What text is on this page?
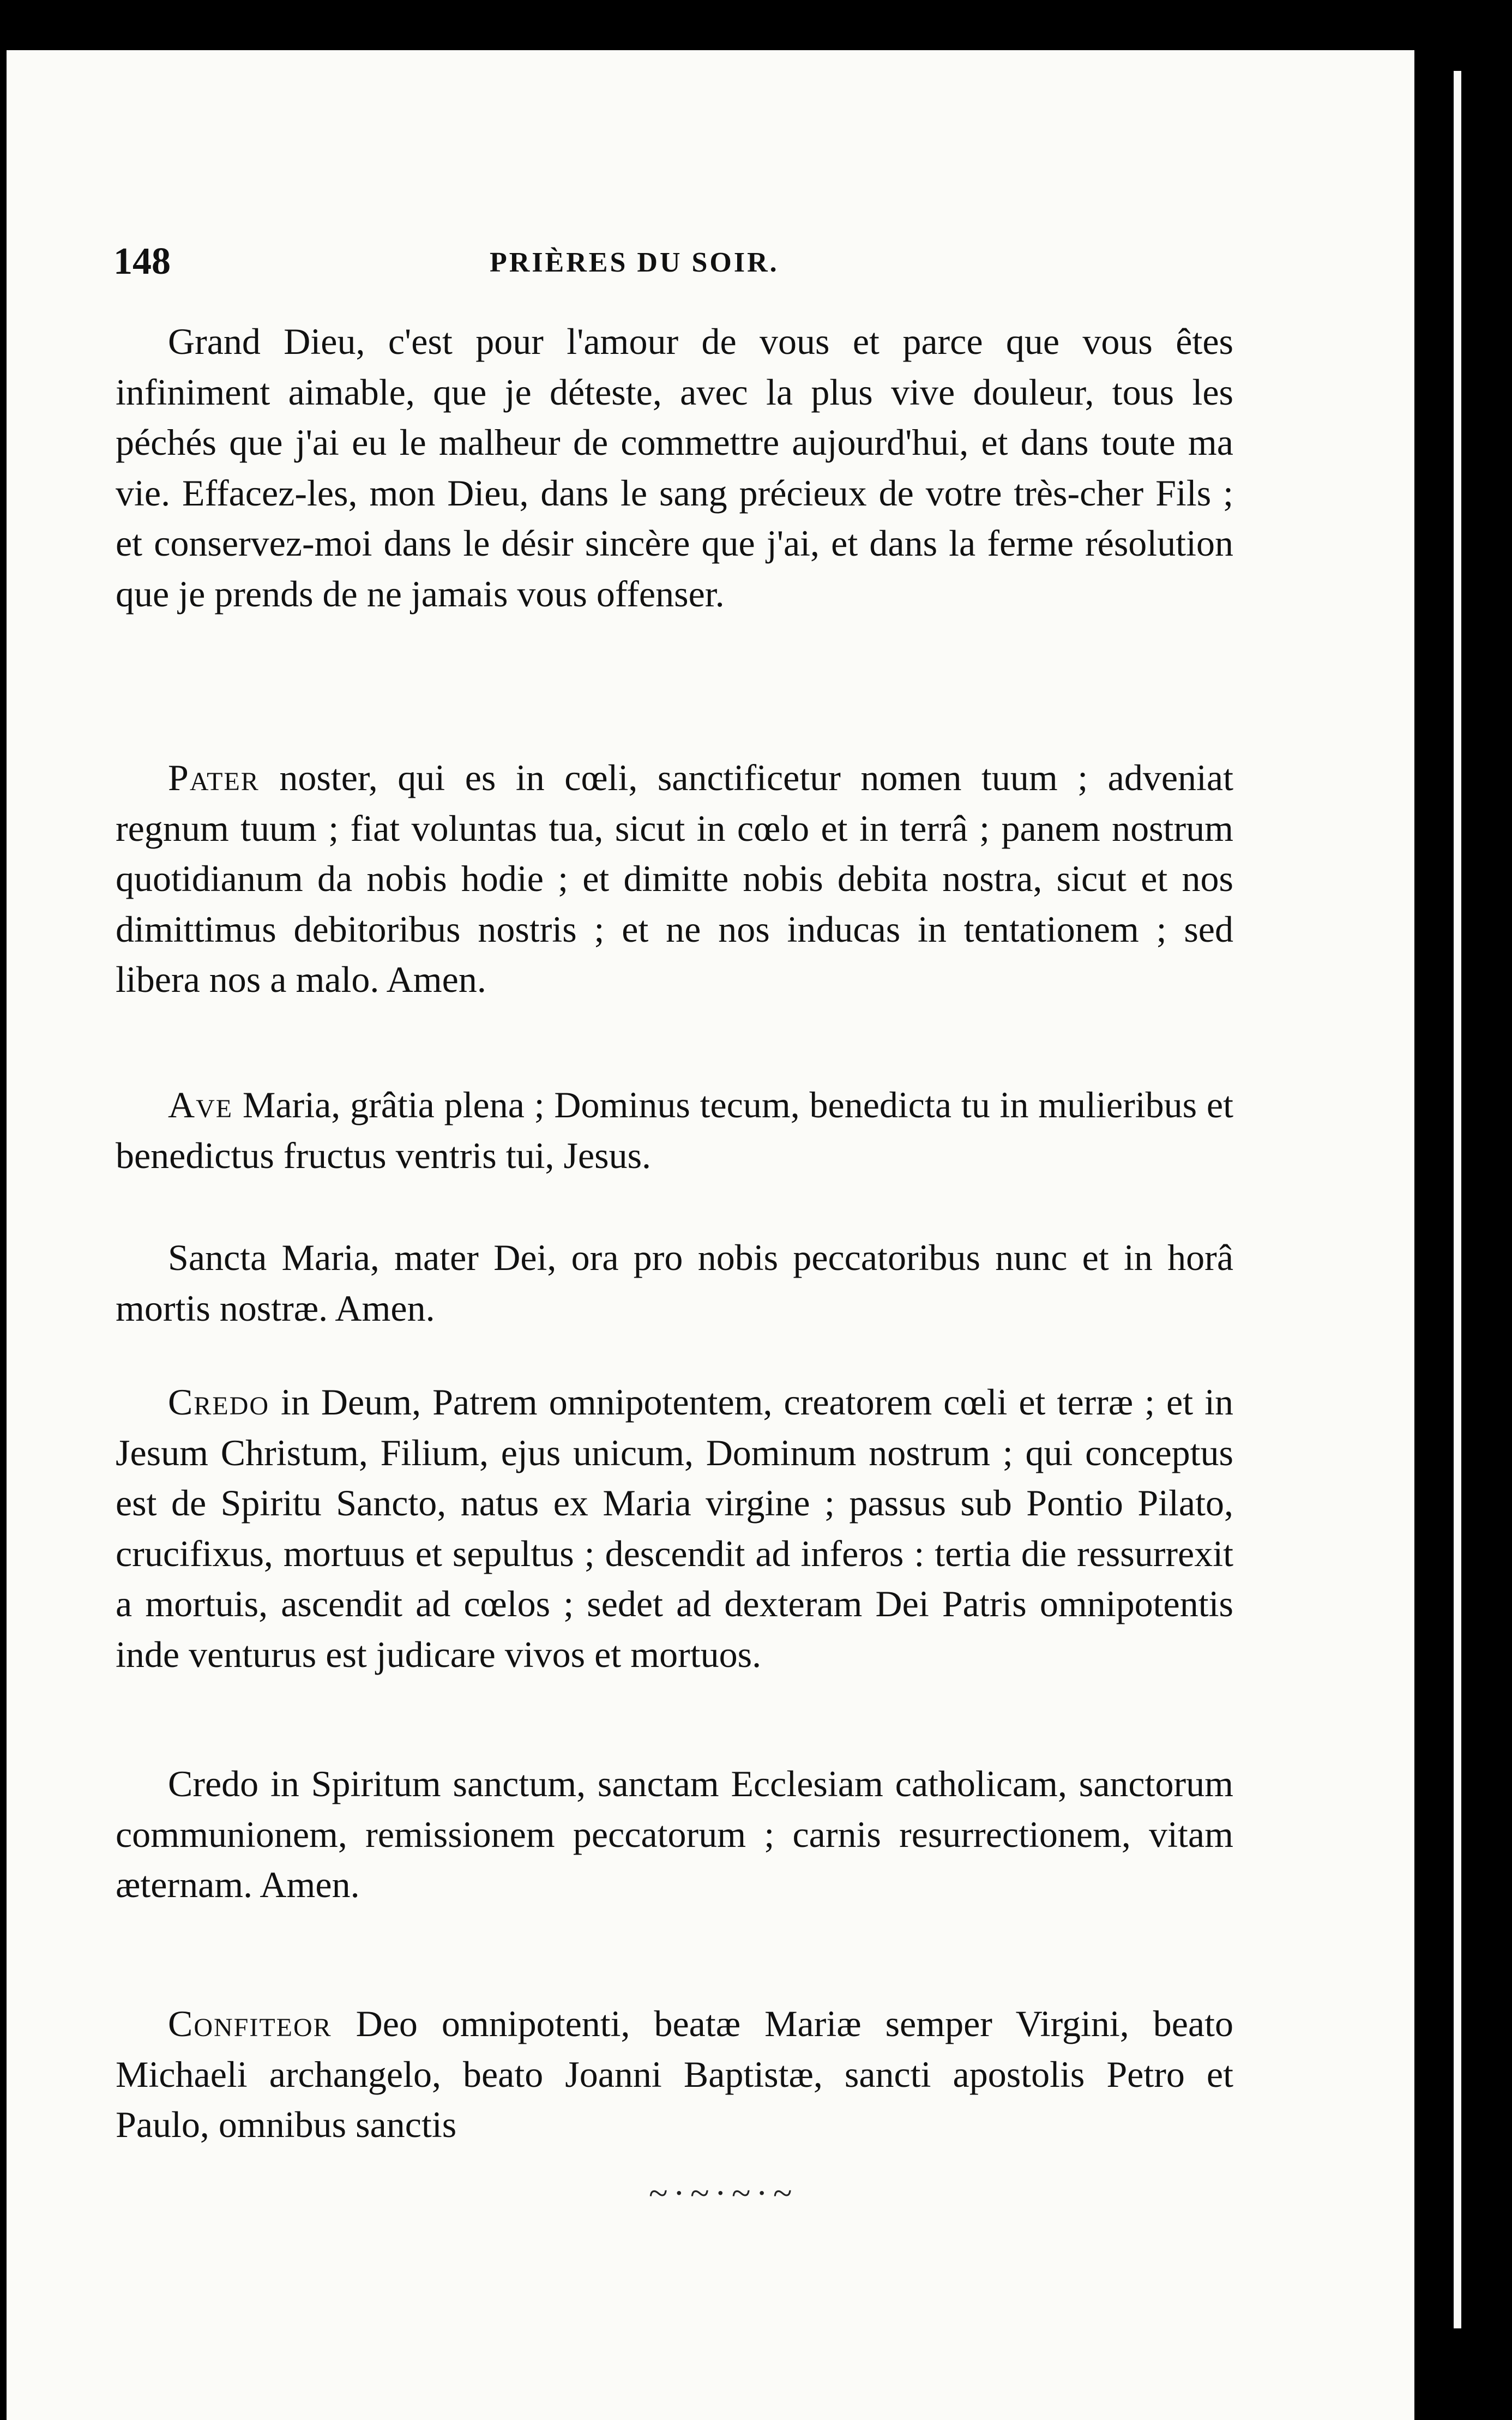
148	PRIÈRES DU SOIR.

Grand Dieu, c'est pour l'amour de vous et parce que vous êtes infiniment aimable, que je déteste, avec la plus vive douleur, tous les péchés que j'ai eu le malheur de commettre aujourd'hui, et dans toute ma vie. Effacez-les, mon Dieu, dans le sang précieux de votre très-cher Fils ; et conservez-moi dans le désir sincère que j'ai, et dans la ferme résolution que je prends de ne jamais vous offenser.

Pater noster, qui es in cœli, sanctificetur nomen tuum ; adveniat regnum tuum ; fiat voluntas tua, sicut in cœlo et in terrâ ; panem nostrum quotidianum da nobis hodie ; et dimitte nobis debita nostra, sicut et nos dimittimus debitoribus nostris ; et ne nos inducas in tentationem ; sed libera nos a malo. Amen.

Ave Maria, grâtia plena ; Dominus tecum, benedicta tu in mulieribus et benedictus fructus ventris tui, Jesus.

Sancta Maria, mater Dei, ora pro nobis peccatoribus nunc et in horâ mortis nostræ. Amen.

Credo in Deum, Patrem omnipotentem, creatorem cœli et terræ ; et in Jesum Christum, Filium, ejus unicum, Dominum nostrum ; qui conceptus est de Spiritu Sancto, natus ex Maria virgine ; passus sub Pontio Pilato, crucifixus, mortuus et sepultus ; descendit ad inferos : tertia die ressurrexit a mortuis, ascendit ad cœlos ; sedet ad dexteram Dei Patris omnipotentis inde venturus est judicare vivos et mortuos.

Credo in Spiritum sanctum, sanctam Ecclesiam catholicam, sanctorum communionem, remissionem peccatorum ; carnis resurrectionem, vitam æternam. Amen.

Confiteor Deo omnipotenti, beatæ Mariæ semper Virgini, beato Michaeli archangelo, beato Joanni Baptistæ, sancti apostolis Petro et Paulo, omnibus sanctis

~·~·~·~
